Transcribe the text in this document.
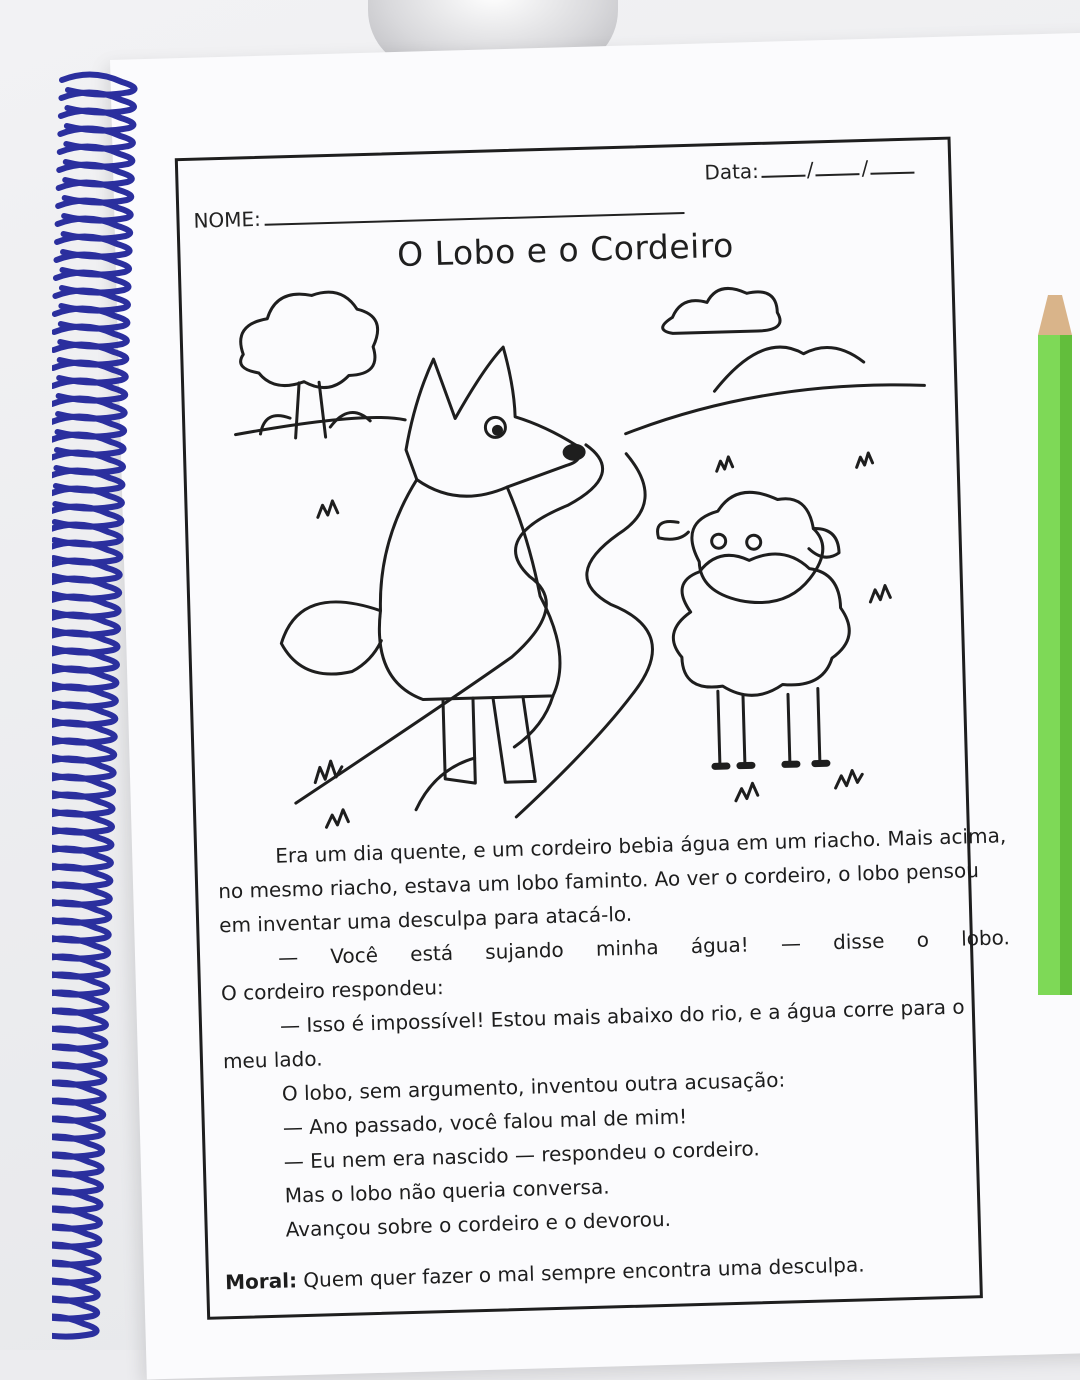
Data: / /
NOME:
O Lobo e o Cordeiro

Era um dia quente, e um cordeiro bebia água em um riacho. Mais acima, no mesmo riacho, estava um lobo faminto. Ao ver o cordeiro, o lobo pensou em inventar uma desculpa para atacá-lo.

— Você está sujando minha água! — disse o lobo.

O cordeiro respondeu:

— Isso é impossível! Estou mais abaixo do rio, e a água corre para o meu lado.

O lobo, sem argumento, inventou outra acusação:

— Ano passado, você falou mal de mim!

— Eu nem era nascido — respondeu o cordeiro.

Mas o lobo não queria conversa.

Avançou sobre o cordeiro e o devorou.

Moral: Quem quer fazer o mal sempre encontra uma desculpa.
